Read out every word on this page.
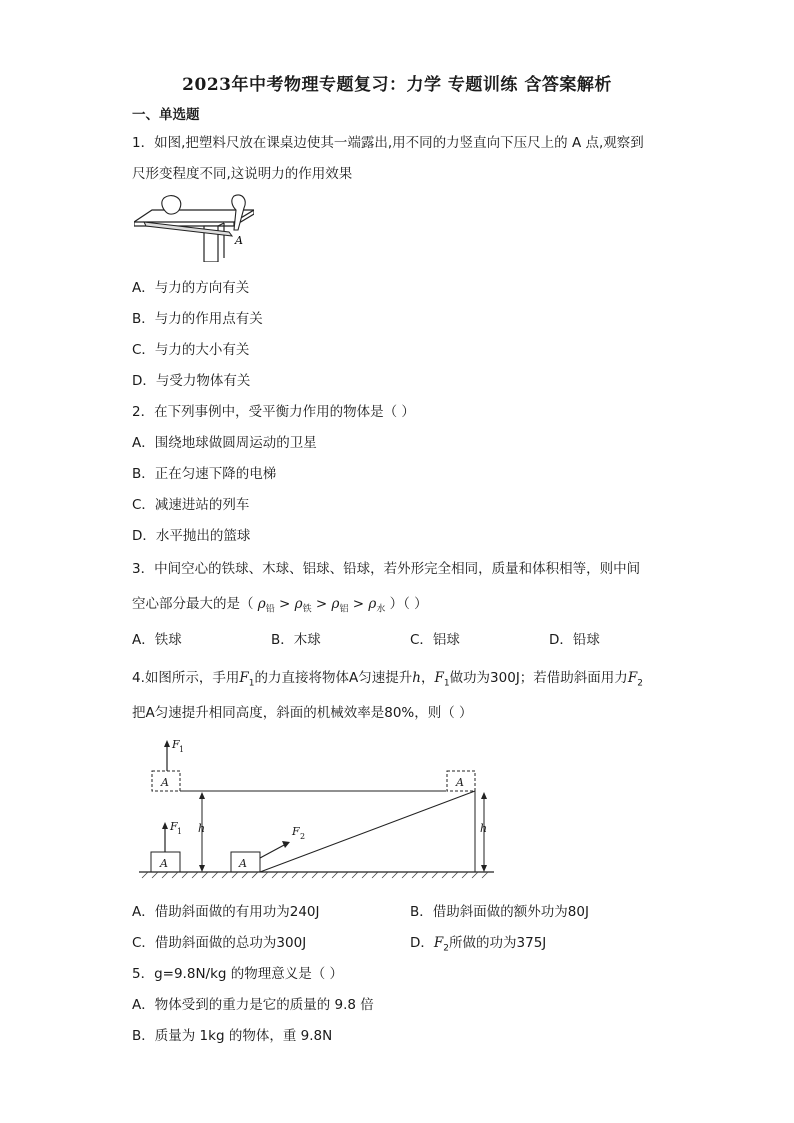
2023年中考物理专题复习：力学 专题训练 含答案解析
一、单选题
1．如图,把塑料尺放在课桌边使其一端露出,用不同的力竖直向下压尺上的 A 点,观察到
尺形变程度不同,这说明力的作用效果
A
A．与力的方向有关
B．与力的作用点有关
C．与力的大小有关
D．与受力物体有关
2．在下列事例中，受平衡力作用的物体是（ ）
A．围绕地球做圆周运动的卫星
B．正在匀速下降的电梯
C．减速进站的列车
D．水平抛出的篮球
3．中间空心的铁球、木球、铝球、铅球，若外形完全相同，质量和体积相等，则中间
空心部分最大的是（ $\rho_铅 > \rho_铁 > \rho_铝 > \rho_水$ ）（ ）
A．铁球	B．木球	C．铝球	D．铅球
4.如图所示，手用$F_1$的力直接将物体A匀速提升h，$F_1$做功为300J；若借助斜面用力$F_2$
把A匀速提升相同高度，斜面的机械效率是80%，则（ ）
F 1
A
h
F 1
A	A
F 2
A
h
A．借助斜面做的有用功为240J	B．借助斜面做的额外功为80J
C．借助斜面做的总功为300J	D．$F_2$所做的功为375J
5．g=9.8N/kg 的物理意义是（ ）
A．物体受到的重力是它的质量的 9.8 倍
B．质量为 1kg 的物体，重 9.8N
